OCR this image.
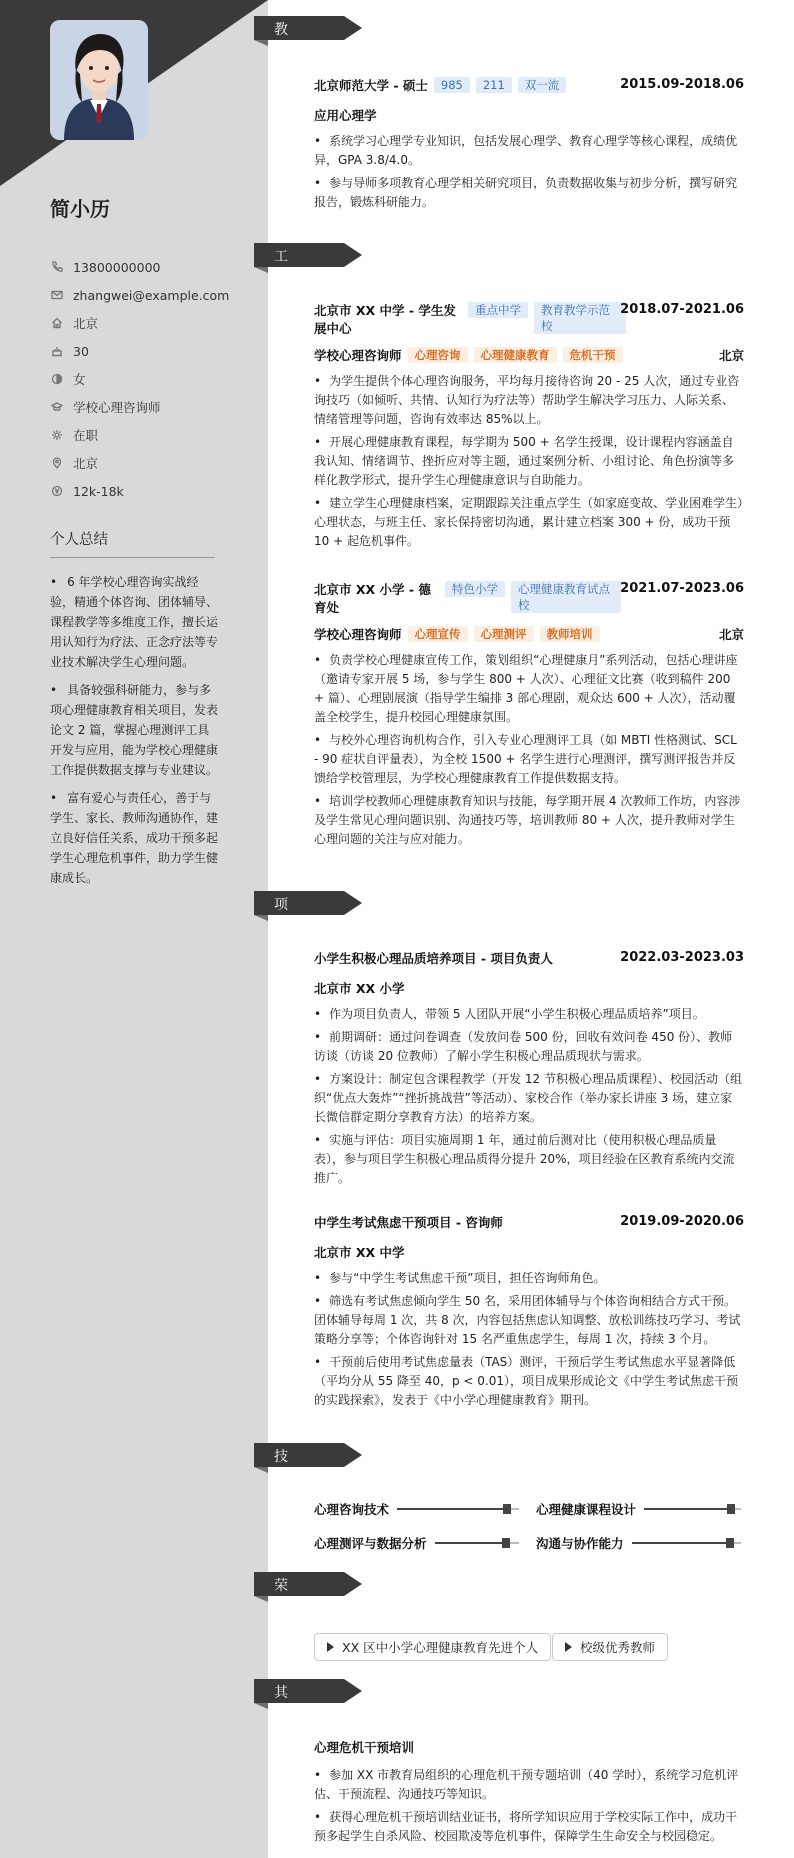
简小历
13800000000
zhangwei@example.com
北京
30
女
学校心理咨询师
在职
北京
12k-18k
个人总结
• 6 年学校心理咨询实战经验，精通个体咨询、团体辅导、课程教学等多维度工作，擅长运用认知行为疗法、正念疗法等专业技术解决学生心理问题。
• 具备较强科研能力，参与多项心理健康教育相关项目，发表论文 2 篇，掌握心理测评工具开发与应用，能为学校心理健康工作提供数据支撑与专业建议。
• 富有爱心与责任心，善于与学生、家长、教师沟通协作，建立良好信任关系，成功干预多起学生心理危机事件，助力学生健康成长。
教育经历
工作经历
项目经历
技能专长
荣誉奖项
其他信息
北京师范大学 - 硕士	985	211	双一流	2015.09-2018.06
应用心理学
• 系统学习心理学专业知识，包括发展心理学、教育心理学等核心课程，成绩优异，GPA 3.8/4.0。
• 参与导师多项教育心理学相关研究项目，负责数据收集与初步分析，撰写研究报告，锻炼科研能力。
北京市 XX 中学 - 学生发展中心
重点中学	教育教学示范校
2018.07-2021.06
学校心理咨询师	心理咨询	心理健康教育	危机干预	北京
• 为学生提供个体心理咨询服务，平均每月接待咨询 20 - 25 人次，通过专业咨询技巧（如倾听、共情、认知行为疗法等）帮助学生解决学习压力、人际关系、情绪管理等问题，咨询有效率达 85%以上。
• 开展心理健康教育课程，每学期为 500 + 名学生授课，设计课程内容涵盖自我认知、情绪调节、挫折应对等主题，通过案例分析、小组讨论、角色扮演等多样化教学形式，提升学生心理健康意识与自助能力。
• 建立学生心理健康档案，定期跟踪关注重点学生（如家庭变故、学业困难学生）心理状态，与班主任、家长保持密切沟通，累计建立档案 300 + 份，成功干预 10 + 起危机事件。
北京市 XX 小学 - 德育处
特色小学	心理健康教育试点校
2021.07-2023.06
学校心理咨询师	心理宣传	心理测评	教师培训	北京
• 负责学校心理健康宣传工作，策划组织“心理健康月”系列活动，包括心理讲座（邀请专家开展 5 场，参与学生 800 + 人次）、心理征文比赛（收到稿件 200 + 篇）、心理剧展演（指导学生编排 3 部心理剧，观众达 600 + 人次），活动覆盖全校学生，提升校园心理健康氛围。
• 与校外心理咨询机构合作，引入专业心理测评工具（如 MBTI 性格测试、SCL - 90 症状自评量表），为全校 1500 + 名学生进行心理测评，撰写测评报告并反馈给学校管理层，为学校心理健康教育工作提供数据支持。
• 培训学校教师心理健康教育知识与技能，每学期开展 4 次教师工作坊，内容涉及学生常见心理问题识别、沟通技巧等，培训教师 80 + 人次，提升教师对学生心理问题的关注与应对能力。
小学生积极心理品质培养项目 - 项目负责人	2022.03-2023.03
北京市 XX 小学
• 作为项目负责人，带领 5 人团队开展“小学生积极心理品质培养”项目。
• 前期调研：通过问卷调查（发放问卷 500 份，回收有效问卷 450 份）、教师访谈（访谈 20 位教师）了解小学生积极心理品质现状与需求。
• 方案设计：制定包含课程教学（开发 12 节积极心理品质课程）、校园活动（组织“优点大轰炸”“挫折挑战营”等活动）、家校合作（举办家长讲座 3 场，建立家长微信群定期分享教育方法）的培养方案。
• 实施与评估：项目实施周期 1 年，通过前后测对比（使用积极心理品质量表），参与项目学生积极心理品质得分提升 20%，项目经验在区教育系统内交流推广。
中学生考试焦虑干预项目 - 咨询师	2019.09-2020.06
北京市 XX 中学
• 参与“中学生考试焦虑干预”项目，担任咨询师角色。
• 筛选有考试焦虑倾向学生 50 名，采用团体辅导与个体咨询相结合方式干预。团体辅导每周 1 次，共 8 次，内容包括焦虑认知调整、放松训练技巧学习、考试策略分享等；个体咨询针对 15 名严重焦虑学生，每周 1 次，持续 3 个月。
• 干预前后使用考试焦虑量表（TAS）测评，干预后学生考试焦虑水平显著降低（平均分从 55 降至 40，p < 0.01），项目成果形成论文《中学生考试焦虑干预的实践探索》，发表于《中小学心理健康教育》期刊。
心理咨询技术	心理健康课程设计
心理测评与数据分析	沟通与协作能力
XX 区中小学心理健康教育先进个人	校级优秀教师
心理危机干预培训
• 参加 XX 市教育局组织的心理危机干预专题培训（40 学时），系统学习危机评估、干预流程、沟通技巧等知识。
• 获得心理危机干预培训结业证书，将所学知识应用于学校实际工作中，成功干预多起学生自杀风险、校园欺凌等危机事件，保障学生生命安全与校园稳定。
